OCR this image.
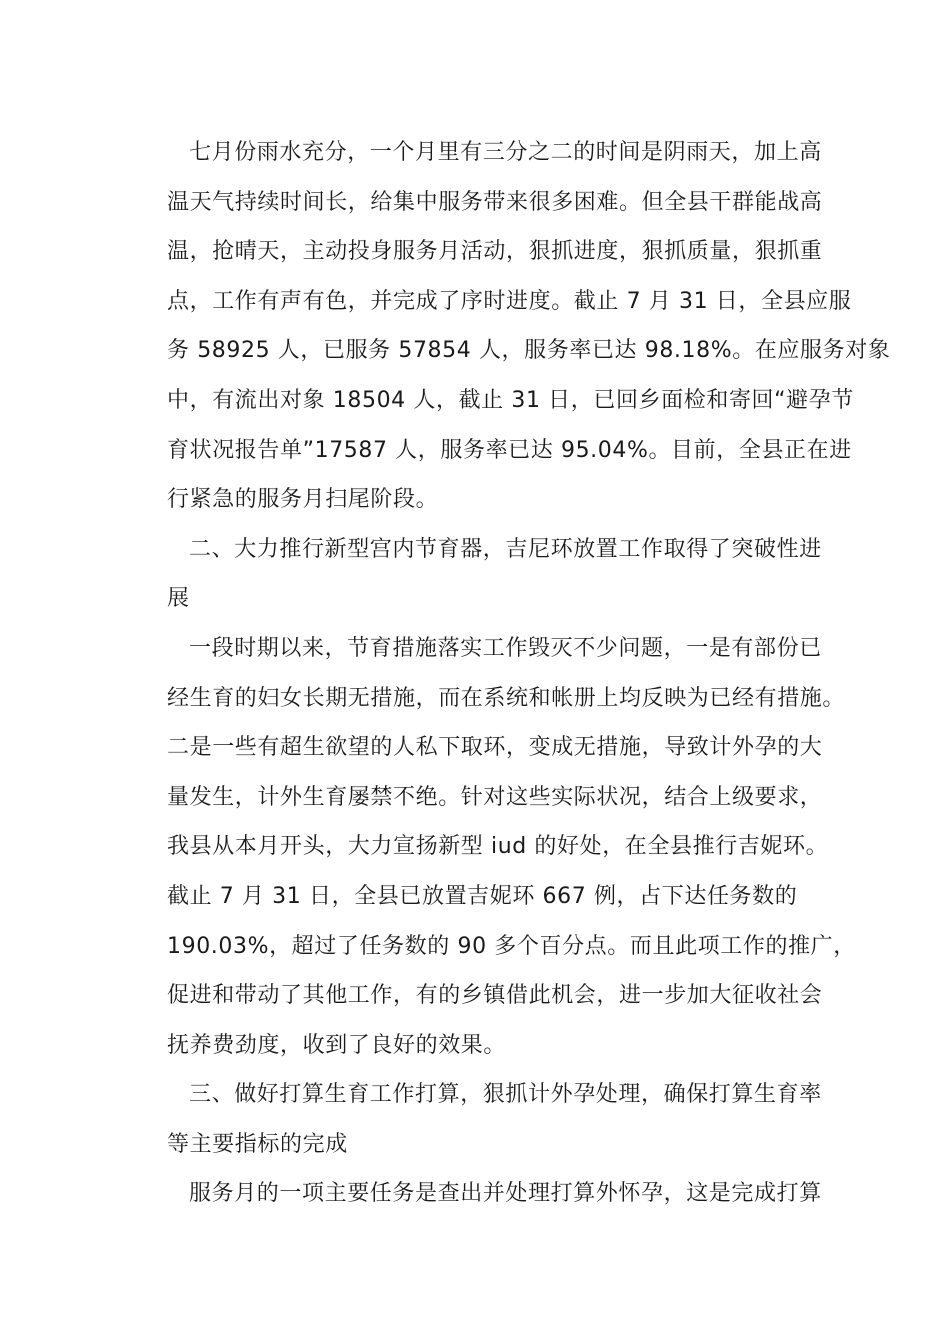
七月份雨水充分，一个月里有三分之二的时间是阴雨天，加上高
温天气持续时间长，给集中服务带来很多困难。但全县干群能战高
温，抢晴天，主动投身服务月活动，狠抓进度，狠抓质量，狠抓重
点，工作有声有色，并完成了序时进度。截止 7 月 31 日，全县应服
务 58925 人，已服务 57854 人，服务率已达 98.18%。在应服务对象
中，有流出对象 18504 人，截止 31 日，已回乡面检和寄回“避孕节
育状况报告单”17587 人，服务率已达 95.04%。目前，全县正在进
行紧急的服务月扫尾阶段。
二、大力推行新型宫内节育器，吉尼环放置工作取得了突破性进
展
一段时期以来，节育措施落实工作毁灭不少问题，一是有部份已
经生育的妇女长期无措施，而在系统和帐册上均反映为已经有措施。
二是一些有超生欲望的人私下取环，变成无措施，导致计外孕的大
量发生，计外生育屡禁不绝。针对这些实际状况，结合上级要求，
我县从本月开头，大力宣扬新型 iud 的好处，在全县推行吉妮环。
截止 7 月 31 日，全县已放置吉妮环 667 例，占下达任务数的
190.03%，超过了任务数的 90 多个百分点。而且此项工作的推广，
促进和带动了其他工作，有的乡镇借此机会，进一步加大征收社会
抚养费劲度，收到了良好的效果。
三、做好打算生育工作打算，狠抓计外孕处理，确保打算生育率
等主要指标的完成
服务月的一项主要任务是查出并处理打算外怀孕，这是完成打算
